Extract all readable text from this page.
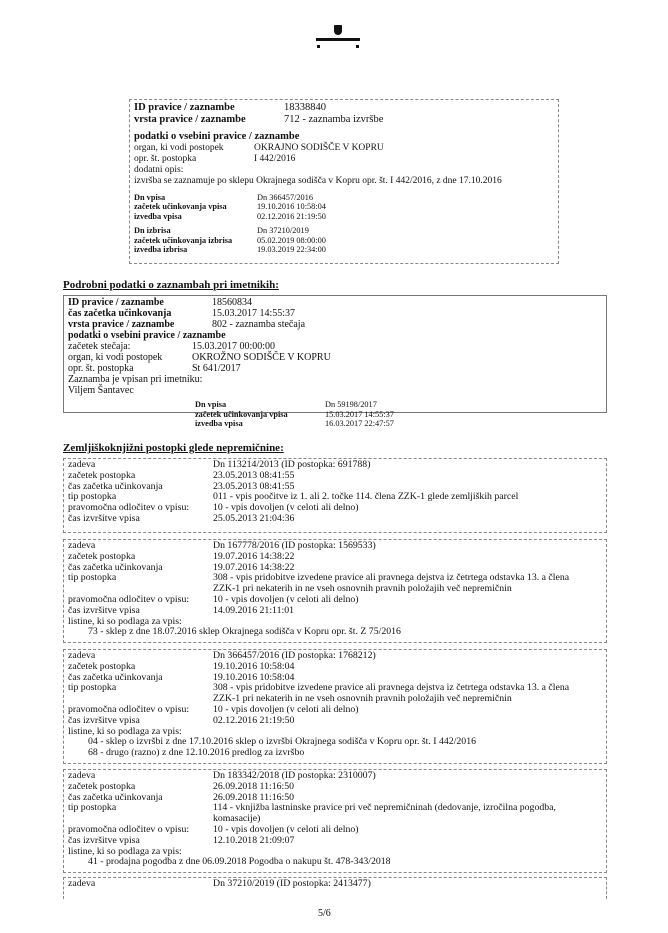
ID pravice / zaznambe	18338840
vrsta pravice / zaznambe	712 - zaznamba izvršbe
podatki o vsebini pravice / zaznambe
organ, ki vodi postopek	OKRAJNO SODIŠČE V KOPRU
opr. št. postopka	I 442/2016
dodatni opis:
izvršba se zaznamuje po sklepu Okrajnega sodišča v Kopru opr. št. I 442/2016, z dne 17.10.2016
Dn vpisa	Dn 366457/2016
začetek učinkovanja vpisa	19.10.2016 10:58:04
izvedba vpisa	02.12.2016 21:19:50
Dn izbrisa	Dn 37210/2019
začetek učinkovanja izbrisa	05.02.2019 08:00:00
izvedba izbrisa	19.03.2019 22:34:00
Podrobni podatki o zaznambah pri imetnikih:
ID pravice / zaznambe	18560834
čas začetka učinkovanja	15.03.2017 14:55:37
vrsta pravice / zaznambe	802 - zaznamba stečaja
podatki o vsebini pravice / zaznambe
začetek stečaja:	15.03.2017 00:00:00
organ, ki vodi postopek	OKROŽNO SODIŠČE V KOPRU
opr. št. postopka	St 641/2017
Zaznamba je vpisan pri imetniku:
Viljem Šantavec
Dn vpisa	Dn 59198/2017
začetek učinkovanja vpisa	15.03.2017 14:55:37
izvedba vpisa	16.03.2017 22:47:57
Zemljiškoknjižni postopki glede nepremičnine:
zadeva	Dn 113214/2013 (ID postopka: 691788)
začetek postopka	23.05.2013 08:41:55
čas začetka učinkovanja	23.05.2013 08:41:55
tip postopka	011 - vpis poočitve iz 1. ali 2. točke 114. člena ZZK-1 glede zemljiških parcel
pravomočna odločitev o vpisu:	10 - vpis dovoljen (v celoti ali delno)
čas izvršitve vpisa	25.05.2013 21:04:36
zadeva	Dn 167778/2016 (ID postopka: 1569533)
začetek postopka	19.07.2016 14:38:22
čas začetka učinkovanja	19.07.2016 14:38:22
tip postopka	308 - vpis pridobitve izvedene pravice ali pravnega dejstva iz četrtega odstavka 13. a člena ZZK-1 pri nekaterih in ne vseh osnovnih pravnih položajih več nepremičnin
pravomočna odločitev o vpisu:	10 - vpis dovoljen (v celoti ali delno)
čas izvršitve vpisa	14.09.2016 21:11:01
listine, ki so podlaga za vpis:
73 - sklep z dne 18.07.2016 sklep Okrajnega sodišča v Kopru opr. št. Z 75/2016
zadeva	Dn 366457/2016 (ID postopka: 1768212)
začetek postopka	19.10.2016 10:58:04
čas začetka učinkovanja	19.10.2016 10:58:04
tip postopka	308 - vpis pridobitve izvedene pravice ali pravnega dejstva iz četrtega odstavka 13. a člena ZZK-1 pri nekaterih in ne vseh osnovnih pravnih položajih več nepremičnin
pravomočna odločitev o vpisu:	10 - vpis dovoljen (v celoti ali delno)
čas izvršitve vpisa	02.12.2016 21:19:50
listine, ki so podlaga za vpis:
04 - sklep o izvršbi z dne 17.10.2016 sklep o izvršbi Okrajnega sodišča v Kopru opr. št. I 442/2016
68 - drugo (razno) z dne 12.10.2016 predlog za izvršbo
zadeva	Dn 183342/2018 (ID postopka: 2310007)
začetek postopka	26.09.2018 11:16:50
čas začetka učinkovanja	26.09.2018 11:16:50
tip postopka	114 - vknjižba lastninske pravice pri več nepremičninah (dedovanje, izročilna pogodba, komasacije)
pravomočna odločitev o vpisu:	10 - vpis dovoljen (v celoti ali delno)
čas izvršitve vpisa	12.10.2018 21:09:07
listine, ki so podlaga za vpis:
41 - prodajna pogodba z dne 06.09.2018 Pogodba o nakupu št. 478-343/2018
zadeva	Dn 37210/2019 (ID postopka: 2413477)
5/6
